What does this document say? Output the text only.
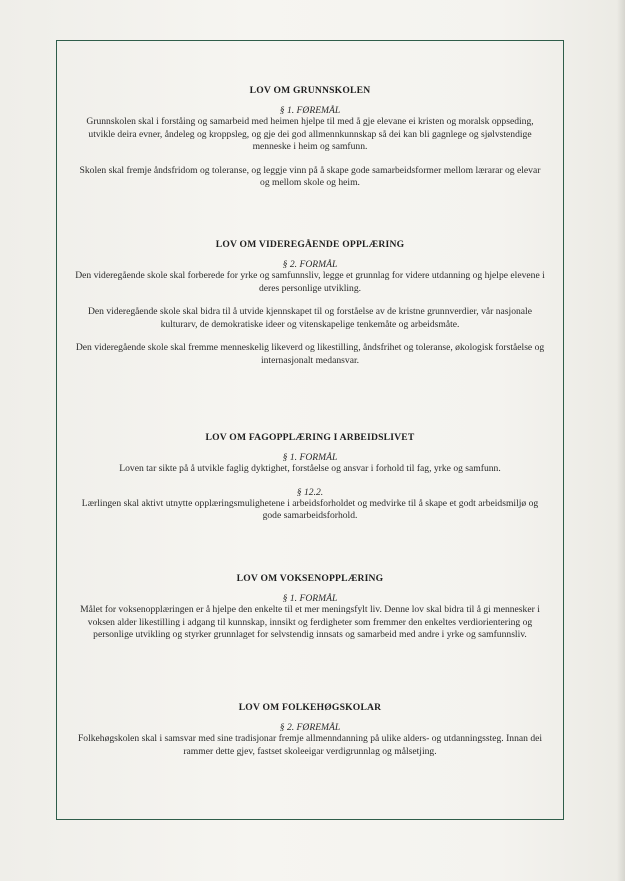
LOV OM GRUNNSKOLEN
§ 1. FØREMÅL
Grunnskolen skal i forståing og samarbeid med heimen hjelpe til med å gje elevane ei kristen og moralsk oppseding, utvikle deira evner, åndeleg og kroppsleg, og gje dei god allmennkunnskap så dei kan bli gagnlege og sjølvstendige menneske i heim og samfunn.
Skolen skal fremje åndsfridom og toleranse, og leggje vinn på å skape gode samarbeidsformer mellom lærarar og elevar og mellom skole og heim.
LOV OM VIDEREGÅENDE OPPLÆRING
§ 2. FORMÅL
Den videregående skole skal forberede for yrke og samfunnsliv, legge et grunnlag for videre utdanning og hjelpe elevene i deres personlige utvikling.
Den videregående skole skal bidra til å utvide kjennskapet til og forståelse av de kristne grunnverdier, vår nasjonale kulturarv, de demokratiske ideer og vitenskapelige tenkemåte og arbeidsmåte.
Den videregående skole skal fremme menneskelig likeverd og likestilling, åndsfrihet og toleranse, økologisk forståelse og internasjonalt medansvar.
LOV OM FAGOPPLÆRING I ARBEIDSLIVET
§ 1. FORMÅL
Loven tar sikte på å utvikle faglig dyktighet, forståelse og ansvar i forhold til fag, yrke og samfunn.
§ 12.2.
Lærlingen skal aktivt utnytte opplæringsmulighetene i arbeidsforholdet og medvirke til å skape et godt arbeidsmiljø og gode samarbeidsforhold.
LOV OM VOKSENOPPLÆRING
§ 1. FORMÅL
Målet for voksenopplæringen er å hjelpe den enkelte til et mer meningsfylt liv. Denne lov skal bidra til å gi mennesker i voksen alder likestilling i adgang til kunnskap, innsikt og ferdigheter som fremmer den enkeltes verdiorientering og personlige utvikling og styrker grunnlaget for selvstendig innsats og samarbeid med andre i yrke og samfunnsliv.
LOV OM FOLKEHØGSKOLAR
§ 2. FØREMÅL
Folkehøgskolen skal i samsvar med sine tradisjonar fremje allmenndanning på ulike alders- og utdanningssteg. Innan dei rammer dette gjev, fastset skoleeigar verdigrunnlag og målsetjing.
